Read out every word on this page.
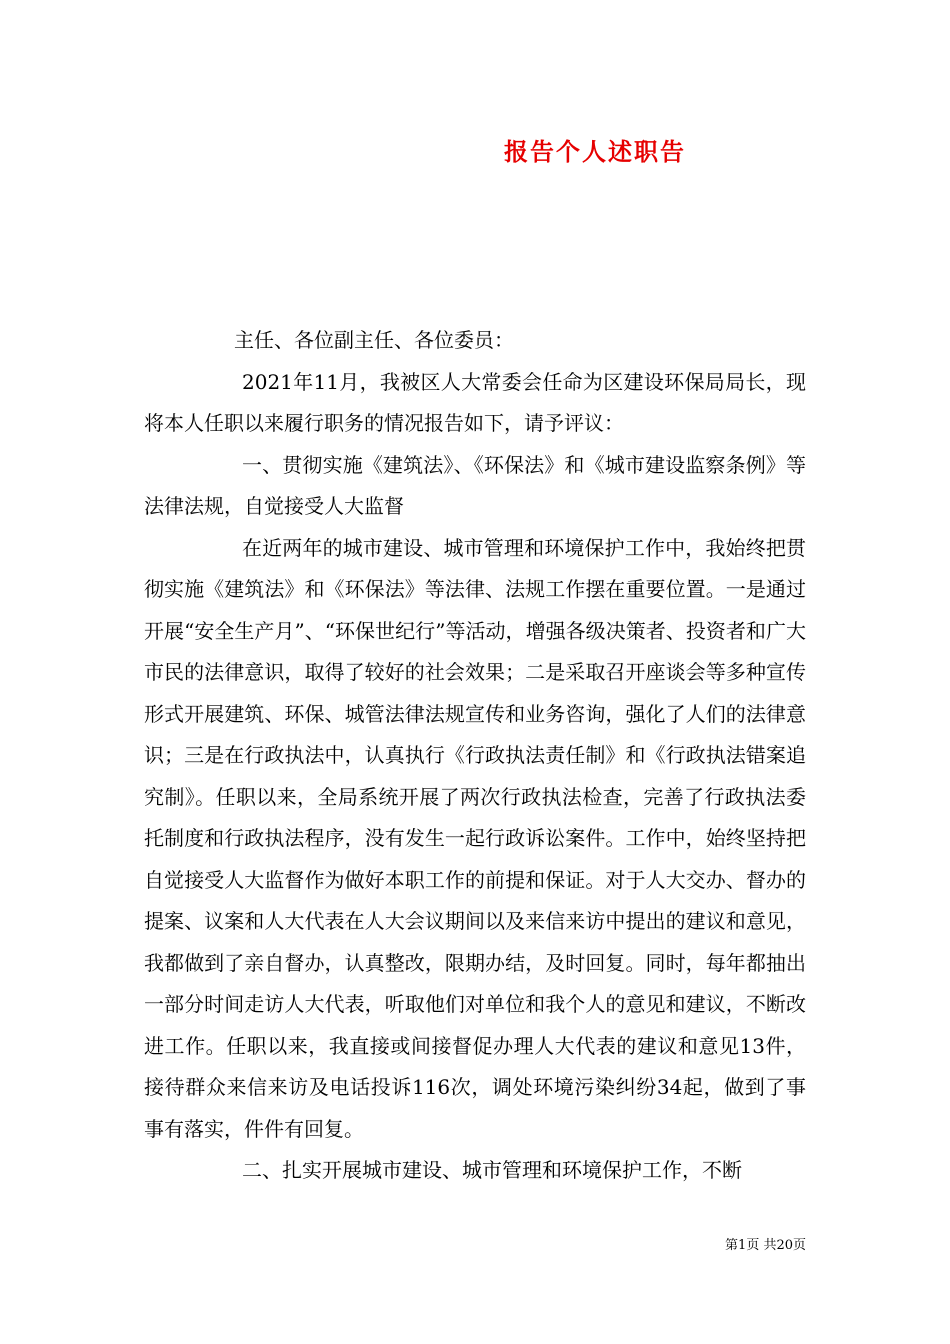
报告个人述职告

主任、各位副主任、各位委员：

2021年11月，我被区人大常委会任命为区建设环保局局长，现将本人任职以来履行职务的情况报告如下，请予评议：

一、贯彻实施《建筑法》、《环保法》和《城市建设监察条例》等法律法规，自觉接受人大监督

在近两年的城市建设、城市管理和环境保护工作中，我始终把贯彻实施《建筑法》和《环保法》等法律、法规工作摆在重要位置。一是通过开展“安全生产月”、“环保世纪行”等活动，增强各级决策者、投资者和广大市民的法律意识，取得了较好的社会效果；二是采取召开座谈会等多种宣传形式开展建筑、环保、城管法律法规宣传和业务咨询，强化了人们的法律意识；三是在行政执法中，认真执行《行政执法责任制》和《行政执法错案追究制》。任职以来，全局系统开展了两次行政执法检查，完善了行政执法委托制度和行政执法程序，没有发生一起行政诉讼案件。工作中，始终坚持把自觉接受人大监督作为做好本职工作的前提和保证。对于人大交办、督办的提案、议案和人大代表在人大会议期间以及来信来访中提出的建议和意见，我都做到了亲自督办，认真整改，限期办结，及时回复。同时，每年都抽出一部分时间走访人大代表，听取他们对单位和我个人的意见和建议，不断改进工作。任职以来，我直接或间接督促办理人大代表的建议和意见13件，接待群众来信来访及电话投诉116次，调处环境污染纠纷34起，做到了事事有落实，件件有回复。

二、扎实开展城市建设、城市管理和环境保护工作，不断

第1页 共20页
